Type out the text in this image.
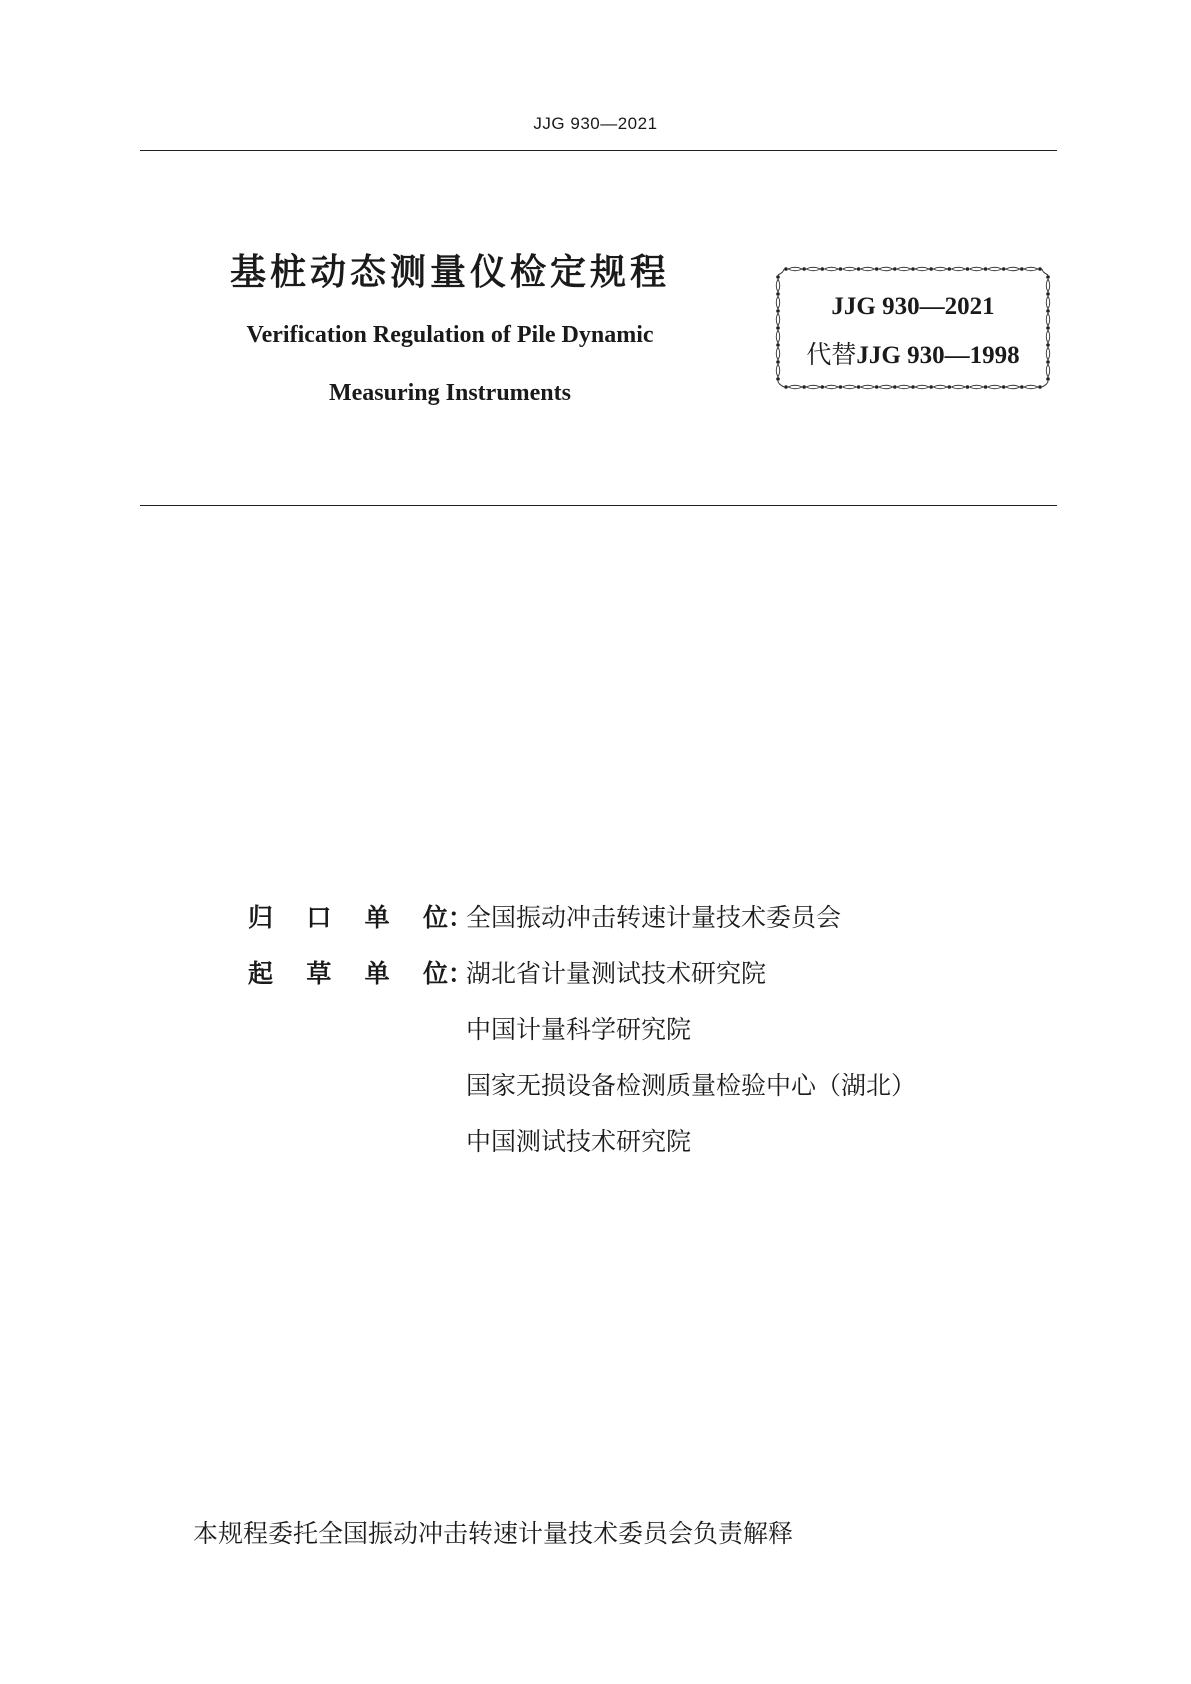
JJG 930—2021
基桩动态测量仪检定规程
Verification Regulation of Pile Dynamic
Measuring Instruments
JJG 930—2021
代替JJG 930—1998
归 口 单 位 ：
全国振动冲击转速计量技术委员会
起 草 单 位 ：
湖北省计量测试技术研究院
中国计量科学研究院
国家无损设备检测质量检验中心（湖北）
中国测试技术研究院
本规程委托全国振动冲击转速计量技术委员会负责解释
